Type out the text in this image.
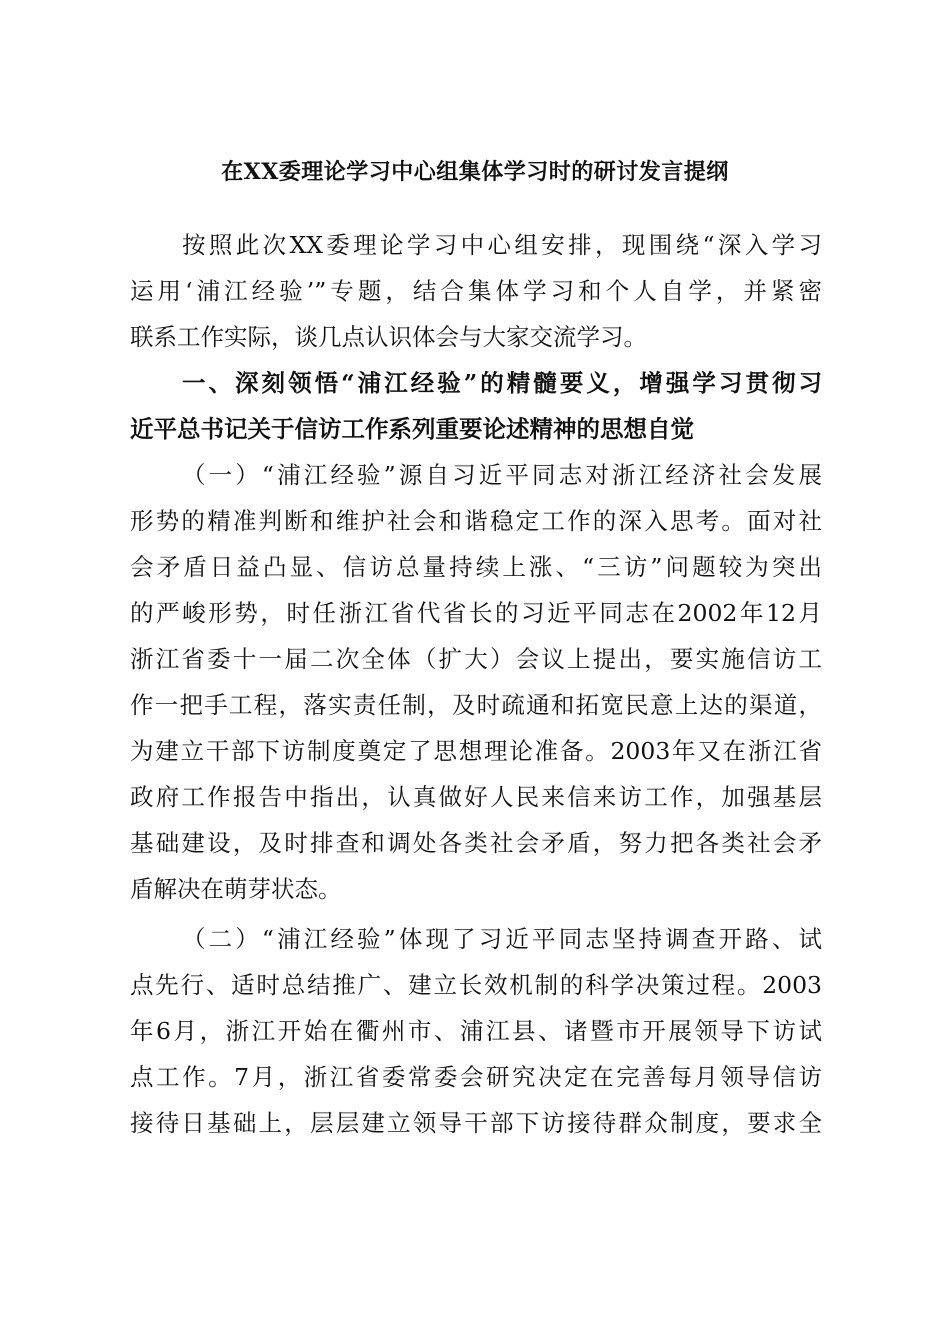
在XX委理论学习中心组集体学习时的研讨发言提纲
按照此次XX委理论学习中心组安排，现围绕“深入学习
运用‘浦江经验’”专题，结合集体学习和个人自学，并紧密
联系工作实际，谈几点认识体会与大家交流学习。
一、深刻领悟“浦江经验”的精髓要义，增强学习贯彻习
近平总书记关于信访工作系列重要论述精神的思想自觉
（一）“浦江经验”源自习近平同志对浙江经济社会发展
形势的精准判断和维护社会和谐稳定工作的深入思考。面对社
会矛盾日益凸显、信访总量持续上涨、“三访”问题较为突出
的严峻形势，时任浙江省代省长的习近平同志在2002年12月
浙江省委十一届二次全体（扩大）会议上提出，要实施信访工
作一把手工程，落实责任制，及时疏通和拓宽民意上达的渠道，
为建立干部下访制度奠定了思想理论准备。2003年又在浙江省
政府工作报告中指出，认真做好人民来信来访工作，加强基层
基础建设，及时排查和调处各类社会矛盾，努力把各类社会矛
盾解决在萌芽状态。
（二）“浦江经验”体现了习近平同志坚持调查开路、试
点先行、适时总结推广、建立长效机制的科学决策过程。2003
年6月，浙江开始在衢州市、浦江县、诸暨市开展领导下访试
点工作。7月，浙江省委常委会研究决定在完善每月领导信访
接待日基础上，层层建立领导干部下访接待群众制度，要求全
